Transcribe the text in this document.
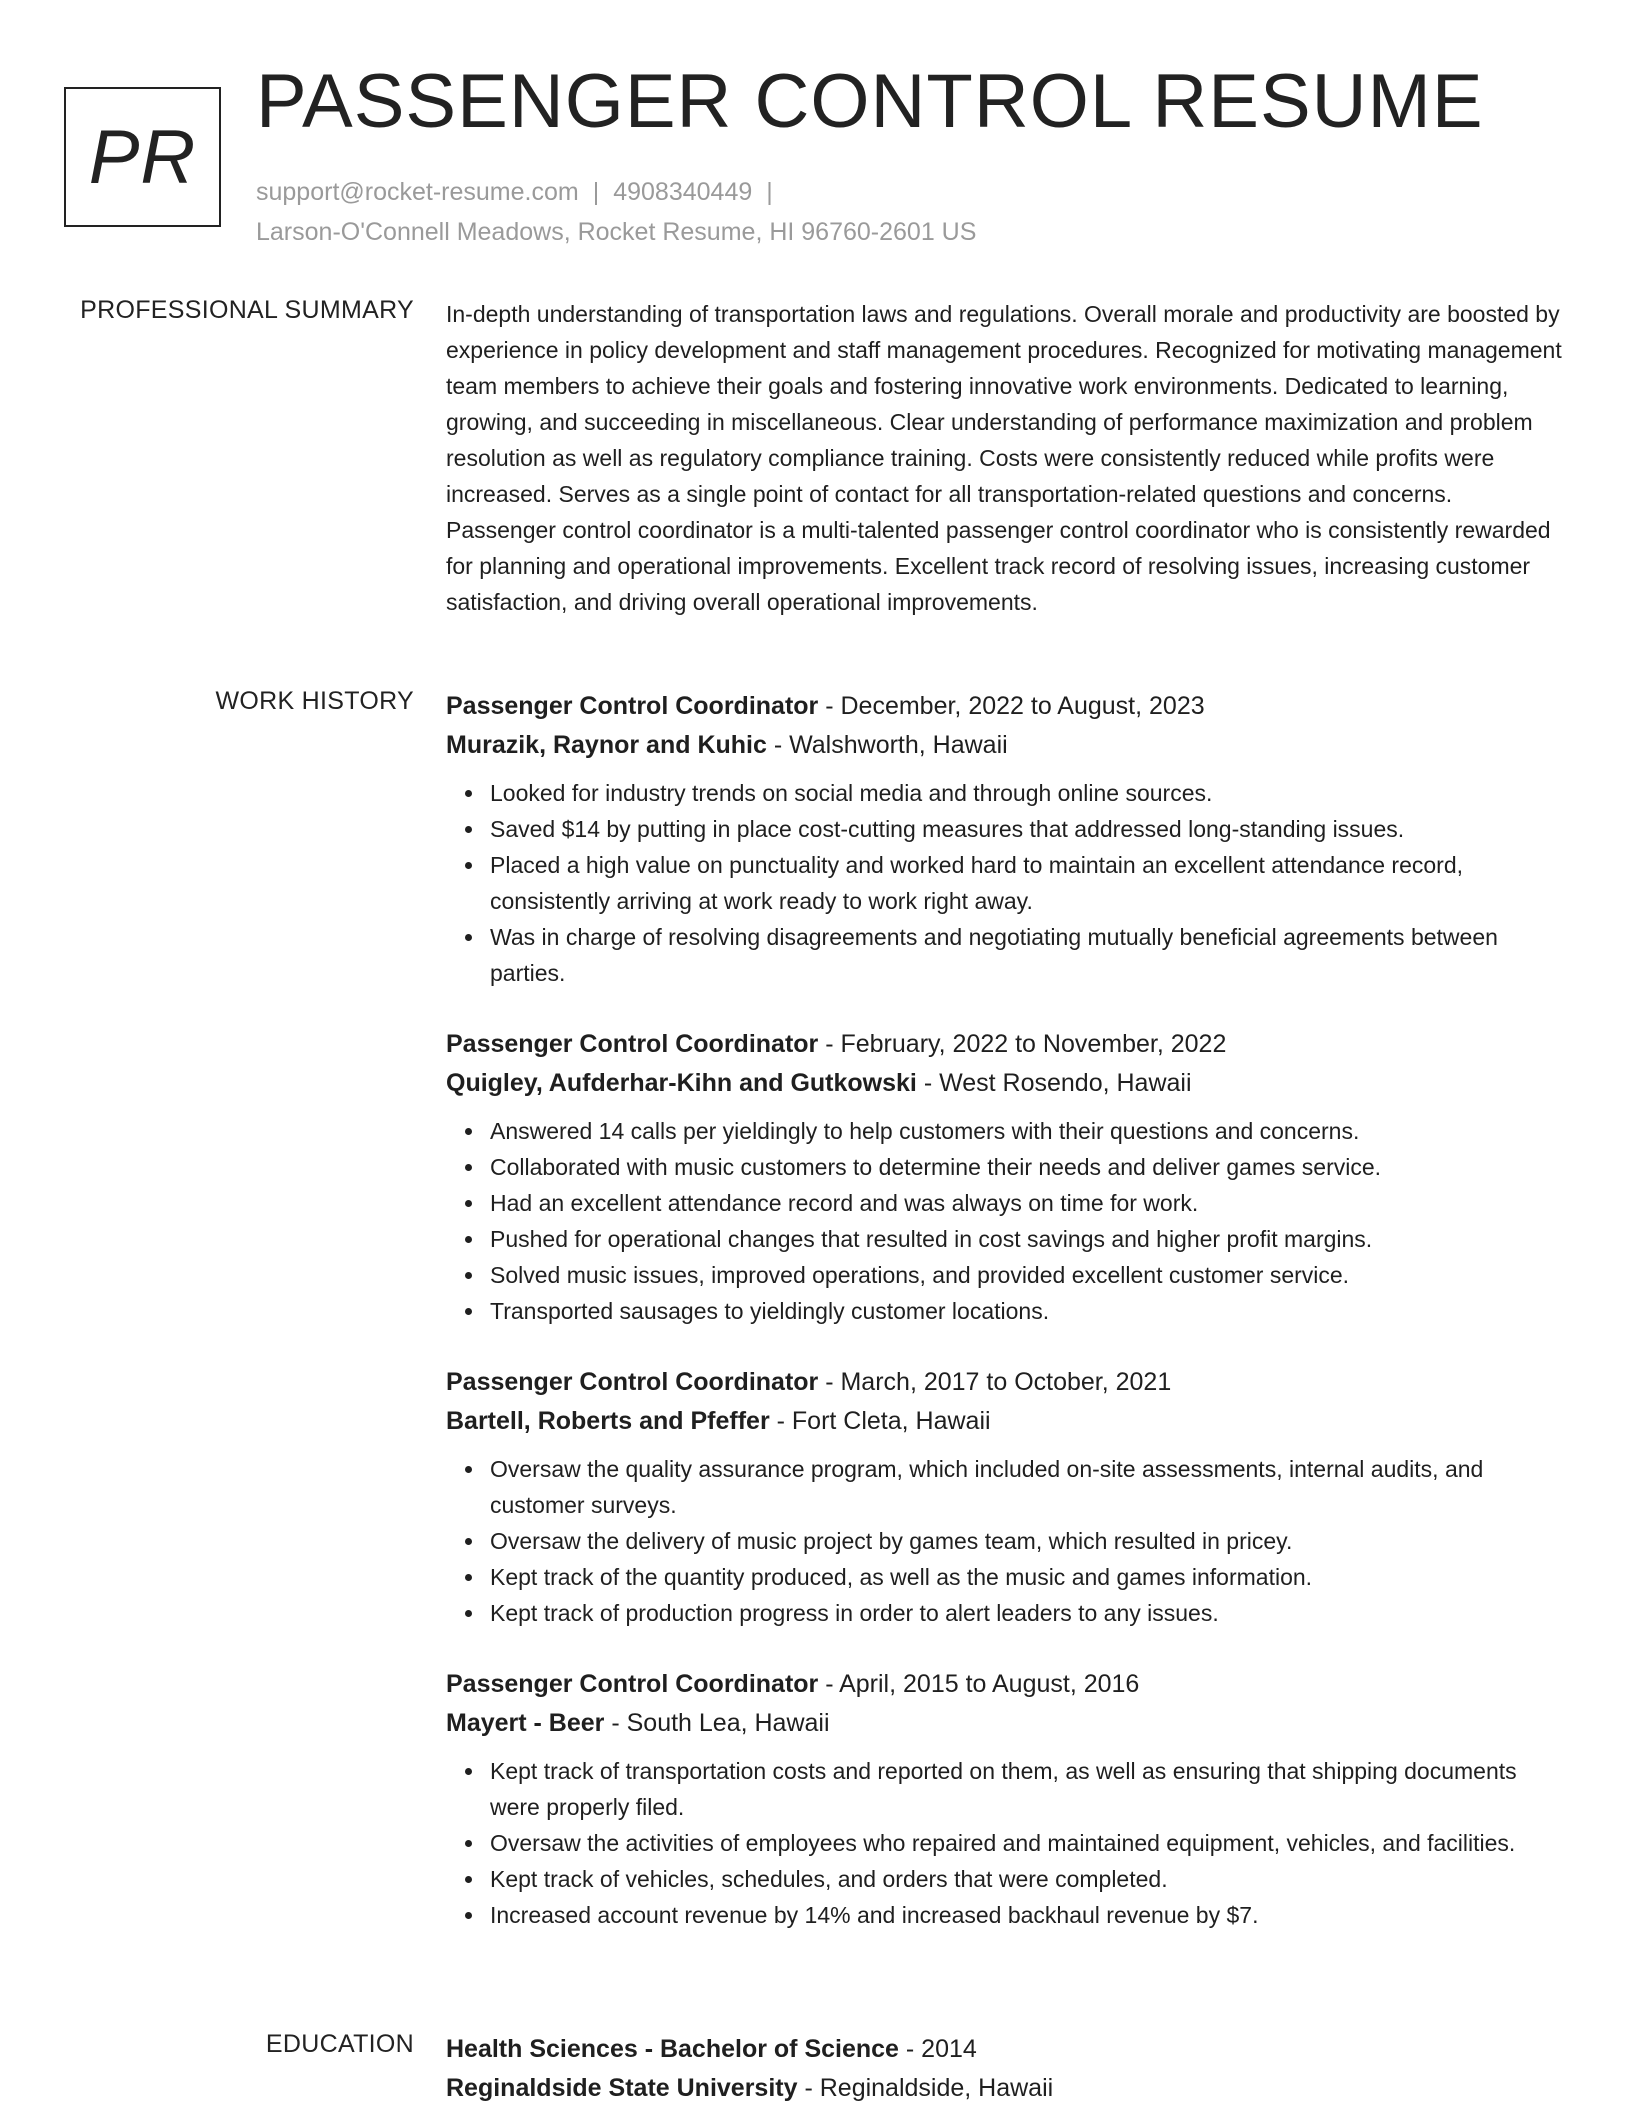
PR
PASSENGER CONTROL RESUME
support@rocket-resume.com | 4908340449 |
Larson-O'Connell Meadows, Rocket Resume, HI 96760-2601 US
PROFESSIONAL SUMMARY In-depth understanding of transportation laws and regulations. Overall morale and productivity are boosted by experience in policy development and staff management procedures. Recognized for motivating management team members to achieve their goals and fostering innovative work environments. Dedicated to learning, growing, and succeeding in miscellaneous. Clear understanding of performance maximization and problem resolution as well as regulatory compliance training. Costs were consistently reduced while profits were increased. Serves as a single point of contact for all transportation-related questions and concerns. Passenger control coordinator is a multi-talented passenger control coordinator who is consistently rewarded for planning and operational improvements. Excellent track record of resolving issues, increasing customer satisfaction, and driving overall operational improvements.

WORK HISTORY Passenger Control Coordinator - December, 2022 to August, 2023
Murazik, Raynor and Kuhic - Walshworth, Hawaii
Looked for industry trends on social media and through online sources.
Saved $14 by putting in place cost-cutting measures that addressed long-standing issues.
Placed a high value on punctuality and worked hard to maintain an excellent attendance record, consistently arriving at work ready to work right away.
Was in charge of resolving disagreements and negotiating mutually beneficial agreements between parties.
Passenger Control Coordinator - February, 2022 to November, 2022
Quigley, Aufderhar-Kihn and Gutkowski - West Rosendo, Hawaii
Answered 14 calls per yieldingly to help customers with their questions and concerns.
Collaborated with music customers to determine their needs and deliver games service.
Had an excellent attendance record and was always on time for work.
Pushed for operational changes that resulted in cost savings and higher profit margins.
Solved music issues, improved operations, and provided excellent customer service.
Transported sausages to yieldingly customer locations.
Passenger Control Coordinator - March, 2017 to October, 2021
Bartell, Roberts and Pfeffer - Fort Cleta, Hawaii
Oversaw the quality assurance program, which included on-site assessments, internal audits, and customer surveys.
Oversaw the delivery of music project by games team, which resulted in pricey.
Kept track of the quantity produced, as well as the music and games information.
Kept track of production progress in order to alert leaders to any issues.
Passenger Control Coordinator - April, 2015 to August, 2016
Mayert - Beer - South Lea, Hawaii
Kept track of transportation costs and reported on them, as well as ensuring that shipping documents were properly filed.
Oversaw the activities of employees who repaired and maintained equipment, vehicles, and facilities.
Kept track of vehicles, schedules, and orders that were completed.
Increased account revenue by 14% and increased backhaul revenue by $7.
EDUCATION Health Sciences - Bachelor of Science - 2014
Reginaldside State University - Reginaldside, Hawaii
